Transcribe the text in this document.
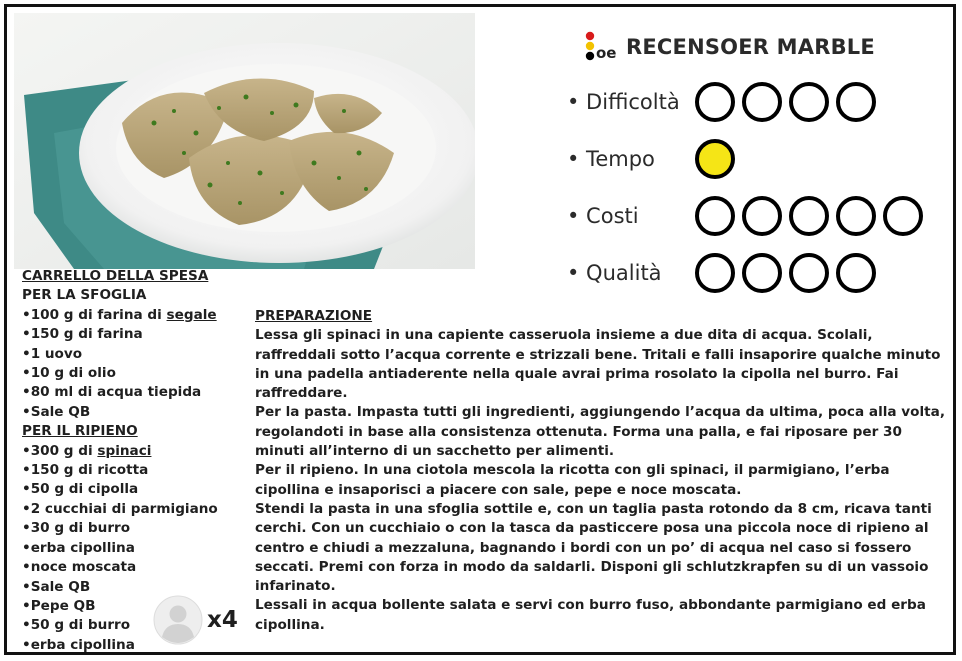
oe RECENSOER MARBLE
• Difficoltà
• Tempo
• Costi
• Qualità
CARRELLO DELLA SPESA
PER LA SFOGLIA
•100 g di farina di segale
•150 g di farina
•1 uovo
•10 g di olio
•80 ml di acqua tiepida
•Sale QB
PER IL RIPIENO
•300 g di spinaci
•150 g di ricotta
•50 g di cipolla
•2 cucchiai di parmigiano
•30 g di burro
•erba cipollina
•noce moscata
•Sale QB
•Pepe QB
•50 g di burro
•erba cipollina
x4
PREPARAZIONE

Lessa gli spinaci in una capiente casseruola insieme a due dita di acqua. Scolali, raffreddali sotto l’acqua corrente e strizzali bene. Tritali e falli insaporire qualche minuto in una padella antiaderente nella quale avrai prima rosolato la cipolla nel burro. Fai raffreddare.

Per la pasta. Impasta tutti gli ingredienti, aggiungendo l’acqua da ultima, poca alla volta, regolandoti in base alla consistenza ottenuta. Forma una palla, e fai riposare per 30 minuti all’interno di un sacchetto per alimenti.

Per il ripieno. In una ciotola mescola la ricotta con gli spinaci, il parmigiano, l’erba cipollina e insaporisci a piacere con sale, pepe e noce moscata.

Stendi la pasta in una sfoglia sottile e, con un taglia pasta rotondo da 8 cm, ricava tanti cerchi. Con un cucchiaio o con la tasca da pasticcere posa una piccola noce di ripieno al centro e chiudi a mezzaluna, bagnando i bordi con un po’ di acqua nel caso si fossero seccati. Premi con forza in modo da saldarli. Disponi gli schlutzkrapfen su di un vassoio infarinato.

Lessali in acqua bollente salata e servi con burro fuso, abbondante parmigiano ed erba cipollina.
